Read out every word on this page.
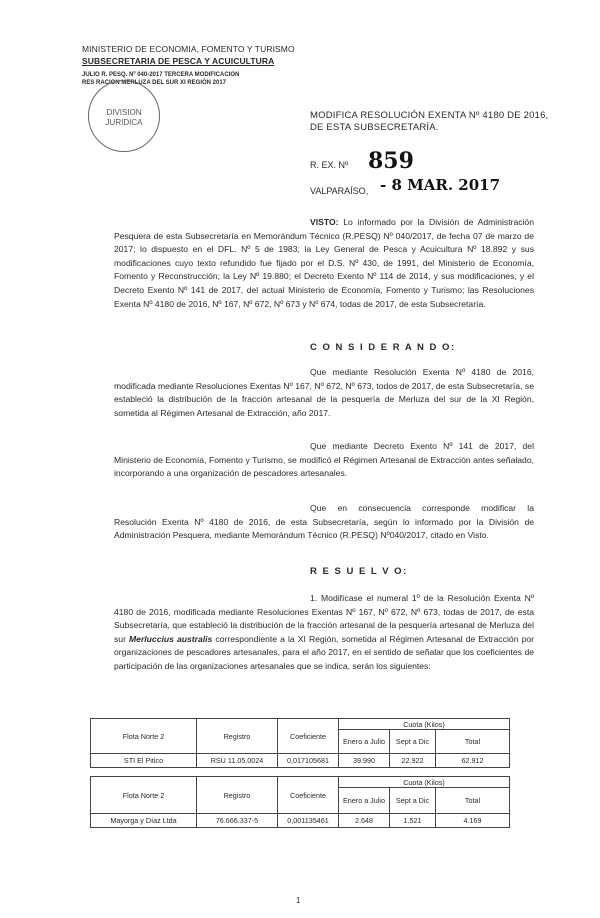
MINISTERIO DE ECONOMIA, FOMENTO Y TURISMO
SUBSECRETARIA DE PESCA Y ACUICULTURA
JULIO R. PESQ. Nº 040-2017 TERCERA MODIFICACION
RES RACION MERLUZA DEL SUR XI REGIÓN 2017
DIVISION
JURIDICA
MODIFICA RESOLUCIÓN EXENTA Nº 4180 DE 2016,
DE ESTA SUBSECRETARÍA.
R. EX. Nº 859
VALPARAÍSO, - 8 MAR. 2017
VISTO: Lo informado por la División de Administración Pesquera de esta Subsecretaría en Memorándum Técnico (R.PESQ) Nº 040/2017, de fecha 07 de marzo de 2017; lo dispuesto en el DFL. Nº 5 de 1983; la Ley General de Pesca y Acuicultura Nº 18.892 y sus modificaciones cuyo texto refundido fue fijado por el D.S. Nº 430, de 1991, del Ministerio de Economía, Fomento y Reconstrucción; la Ley Nº 19.880; el Decreto Exento Nº 114 de 2014, y sus modificaciones, y el Decreto Exento Nº 141 de 2017, del actual Ministerio de Economía, Fomento y Turismo; las Resoluciones Exenta Nº 4180 de 2016, Nº 167, Nº 672, Nº 673 y Nº 674, todas de 2017, de esta Subsecretaría.
C O N S I D E R A N D O:
Que mediante Resolución Exenta Nº 4180 de 2016, modificada mediante Resoluciones Exentas Nº 167, Nº 672, Nº 673, todos de 2017, de esta Subsecretaría, se estableció la distribución de la fracción artesanal de la pesquería de Merluza del sur de la XI Región, sometida al Régimen Artesanal de Extracción, año 2017.
Que mediante Decreto Exento Nº 141 de 2017, del Ministerio de Economía, Fomento y Turismo, se modificó el Régimen Artesanal de Extracción antes señalado, incorporando a una organización de pescadores artesanales.
Que en consecuencia corresponde modificar la Resolución Exenta Nº 4180 de 2016, de esta Subsecretaría, según lo informado por la División de Administración Pesquera, mediante Memorándum Técnico (R.PESQ) Nº040/2017, citado en Visto.
R E S U E L V O:
1. Modifícase el numeral 1º de la Resolución Exenta Nº 4180 de 2016, modificada mediante Resoluciones Exentas Nº 167, Nº 672, Nº 673, todas de 2017, de esta Subsecretaría, que estableció la distribución de la fracción artesanal de la pesquería artesanal de Merluza del sur Merluccius australis correspondiente a la XI Región, sometida al Régimen Artesanal de Extracción por organizaciones de pescadores artesanales, para el año 2017, en el sentido de señalar que los coeficientes de participación de las organizaciones artesanales que se indica, serán los siguientes:
Flota Norte 2	Registro	Coeficiente	Cuota (Kilos)		
			Enero a Julio	Sept a Dic	Total
STI El Pitico	RSU 11.05.0024	0,017105681	39.990	22.922	62.912
Flota Norte 2	Registro	Coeficiente	Cuota (Kilos)		
			Enero a Julio	Sept a Dic	Total
Mayorga y Díaz Ltda	76.666.337-5	0,001135461	2.648	1.521	4.169
1
